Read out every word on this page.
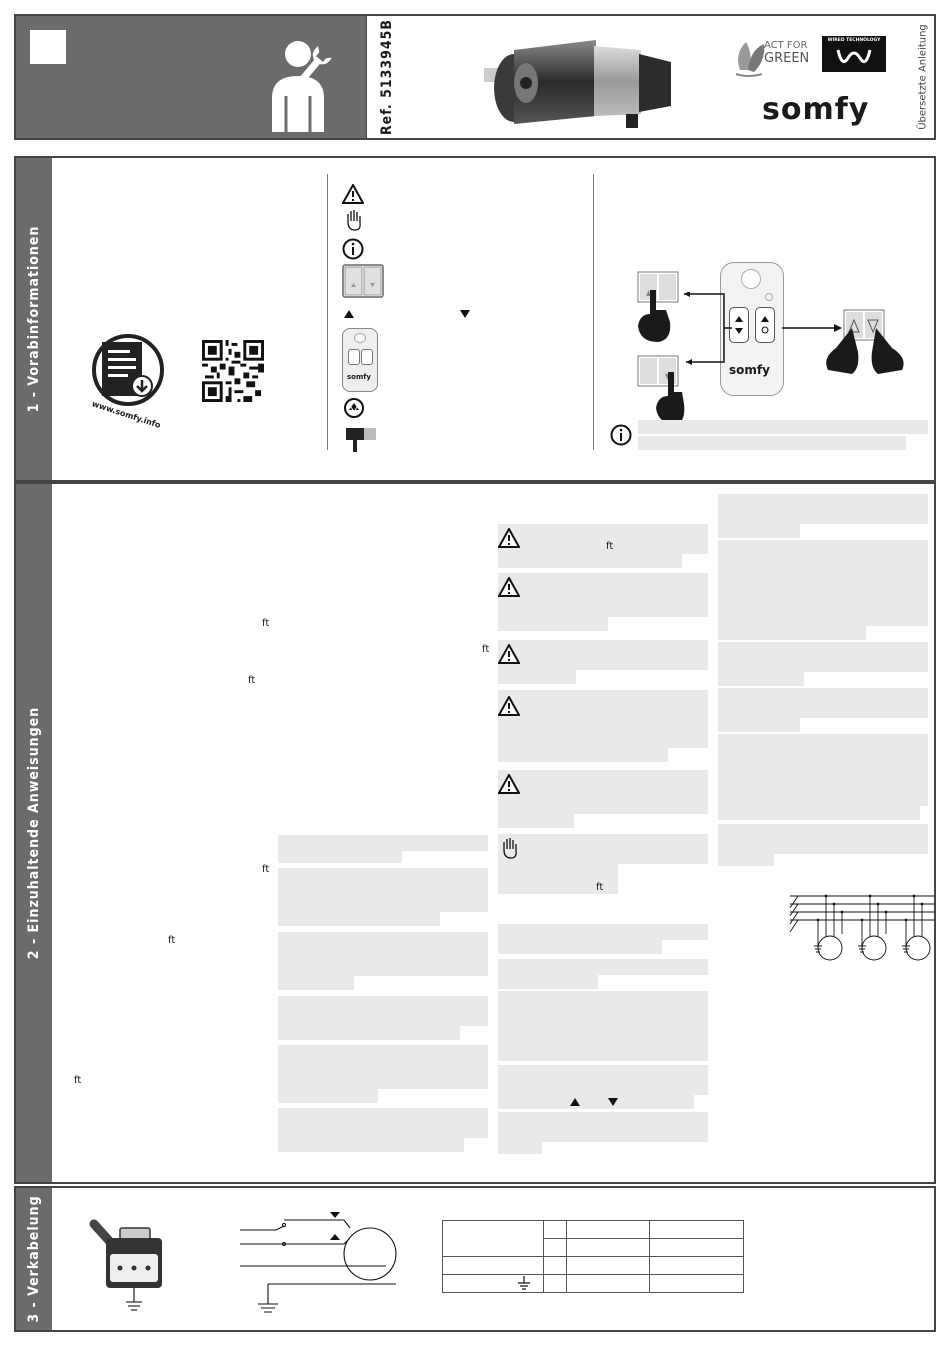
Ref. 5133945B	ACT FOR
GREEN
WIRED TECHNOLOGY
somfy	Übersetzte Anleitung
1 - Vorabinformationen
www.somfy.info
somfy	somfy
2 - Einzuhaltende Anweisungen
ft
ft
ft
ft
ft
ft
ft
ft
3 - Verkabelung
